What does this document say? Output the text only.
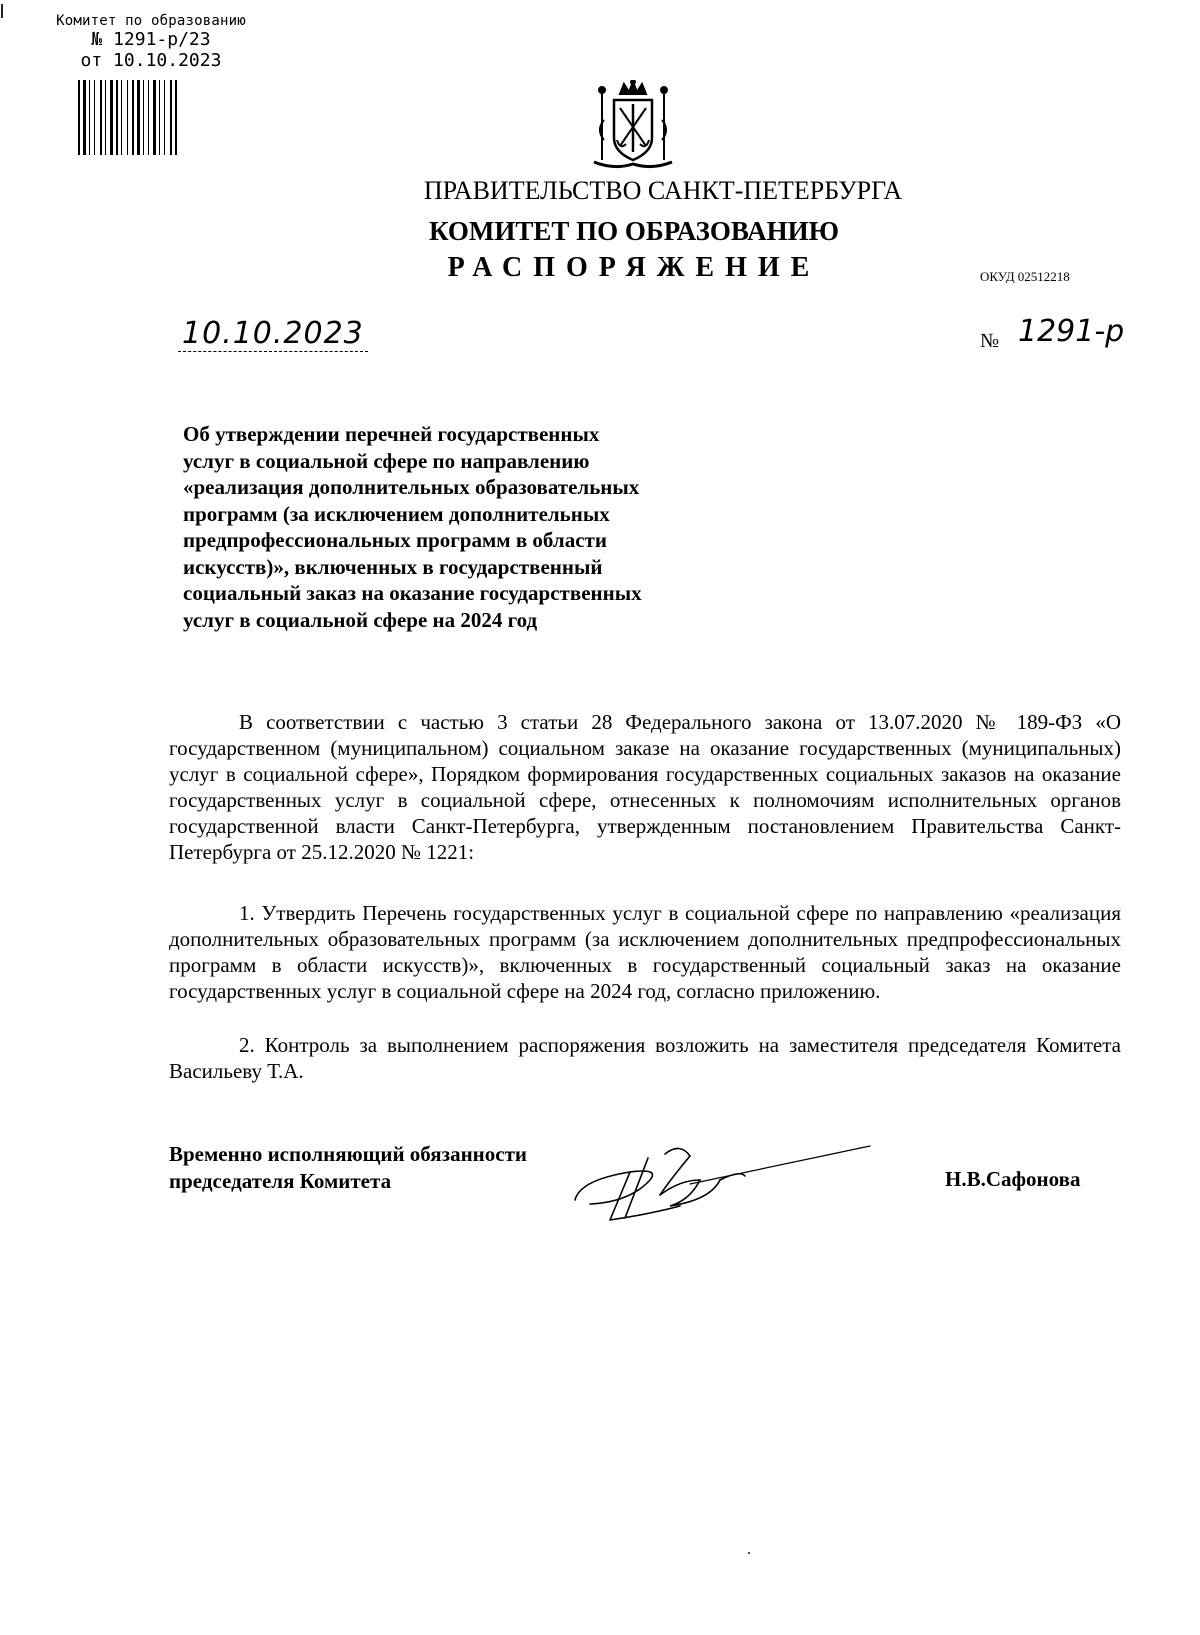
Комитет по образованию
№ 1291-р/23
от 10.10.2023
ПРАВИТЕЛЬСТВО САНКТ-ПЕТЕРБУРГА
КОМИТЕТ ПО ОБРАЗОВАНИЮ
РАСПОРЯЖЕНИЕ	ОКУД 02512218
10.10.2023	№ 1291-р
Об утверждении перечней государственных
услуг в социальной сфере по направлению
«реализация дополнительных образовательных
программ (за исключением дополнительных
предпрофессиональных программ в области
искусств)», включенных в государственный
социальный заказ на оказание государственных
услуг в социальной сфере на 2024 год

В соответствии с частью 3 статьи 28 Федерального закона от 13.07.2020 № 189-ФЗ «О государственном (муниципальном) социальном заказе на оказание государственных (муниципальных) услуг в социальной сфере», Порядком формирования государственных социальных заказов на оказание государственных услуг в социальной сфере, отнесенных к полномочиям исполнительных органов государственной власти Санкт-Петербурга, утвержденным постановлением Правительства Санкт-Петербурга от 25.12.2020 № 1221:

1. Утвердить Перечень государственных услуг в социальной сфере по направлению «реализация дополнительных образовательных программ (за исключением дополнительных предпрофессиональных программ в области искусств)», включенных в государственный социальный заказ на оказание государственных услуг в социальной сфере на 2024 год, согласно приложению.

2. Контроль за выполнением распоряжения возложить на заместителя председателя Комитета Васильеву Т.А.

Временно исполняющий обязанности
председателя Комитета	Н.В.Сафонова
